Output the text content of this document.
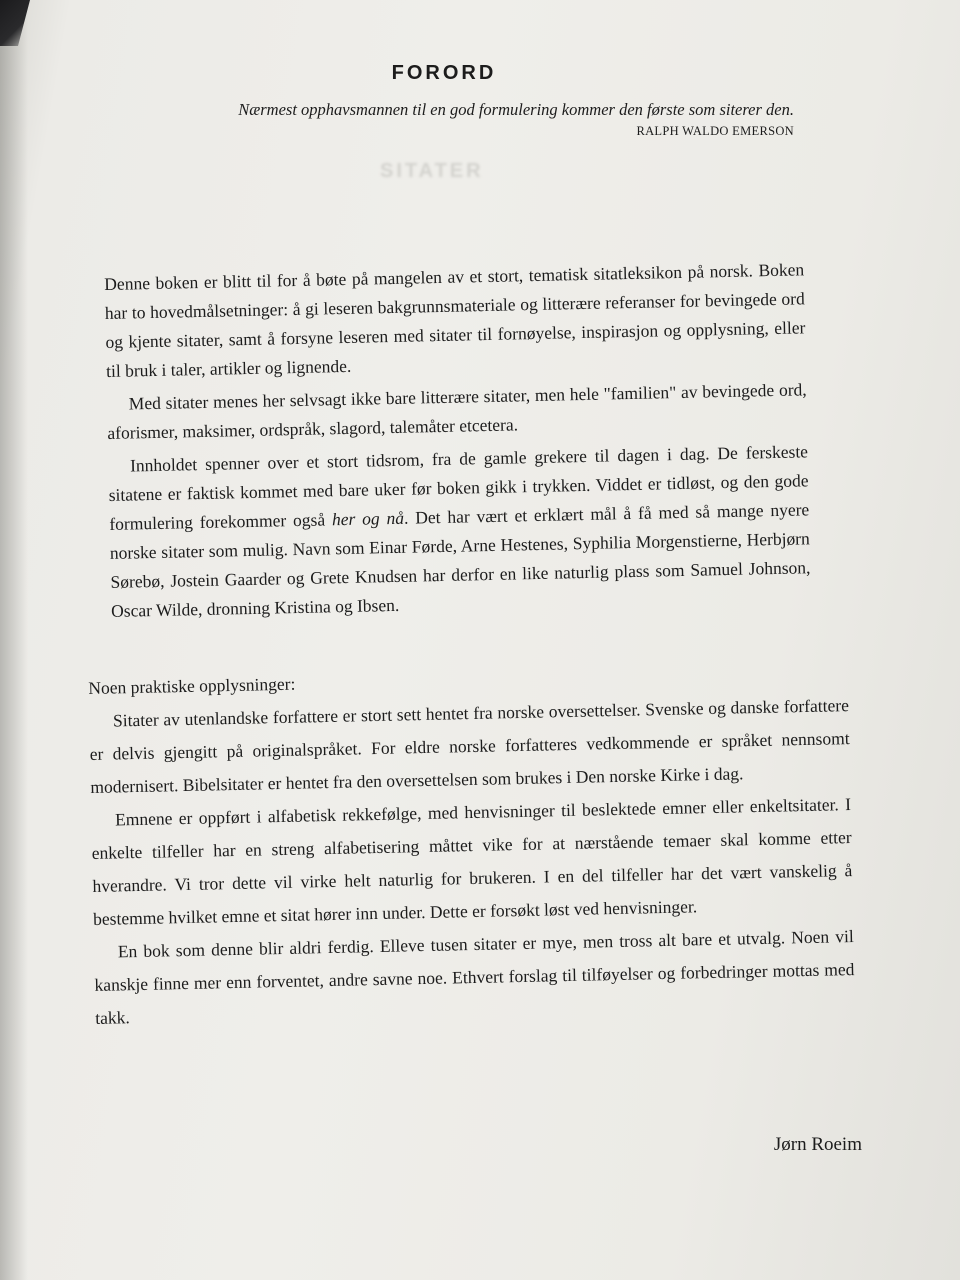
FORORD

Nærmest opphavsmannen til en god formulering kommer den første som siterer den.

RALPH WALDO EMERSON

SITATER

Denne boken er blitt til for å bøte på mangelen av et stort, tematisk sitatleksikon på norsk. Boken har to hovedmålsetninger: å gi leseren bakgrunnsmateriale og litterære referanser for bevingede ord og kjente sitater, samt å forsyne leseren med sitater til fornøyelse, inspirasjon og opplysning, eller til bruk i taler, artikler og lignende.

Med sitater menes her selvsagt ikke bare litterære sitater, men hele "familien" av bevingede ord, aforismer, maksimer, ordspråk, slagord, talemåter etcetera.

Innholdet spenner over et stort tidsrom, fra de gamle grekere til dagen i dag. De ferskeste sitatene er faktisk kommet med bare uker før boken gikk i trykken. Viddet er tidløst, og den gode formulering forekommer også her og nå. Det har vært et erklært mål å få med så mange nyere norske sitater som mulig. Navn som Einar Førde, Arne Hestenes, Syphilia Morgenstierne, Herbjørn Sørebø, Jostein Gaarder og Grete Knudsen har derfor en like naturlig plass som Samuel Johnson, Oscar Wilde, dronning Kristina og Ibsen.

Noen praktiske opplysninger:

Sitater av utenlandske forfattere er stort sett hentet fra norske oversettelser. Svenske og danske forfattere er delvis gjengitt på originalspråket. For eldre norske forfatteres vedkommende er språket nennsomt modernisert. Bibelsitater er hentet fra den oversettelsen som brukes i Den norske Kirke i dag.

Emnene er oppført i alfabetisk rekkefølge, med henvisninger til beslektede emner eller enkeltsitater. I enkelte tilfeller har en streng alfabetisering måttet vike for at nærstående temaer skal komme etter hverandre. Vi tror dette vil virke helt naturlig for brukeren. I en del tilfeller har det vært vanskelig å bestemme hvilket emne et sitat hører inn under. Dette er forsøkt løst ved henvisninger.

En bok som denne blir aldri ferdig. Elleve tusen sitater er mye, men tross alt bare et utvalg. Noen vil kanskje finne mer enn forventet, andre savne noe. Ethvert forslag til tilføyelser og forbedringer mottas med takk.

Jørn Roeim
